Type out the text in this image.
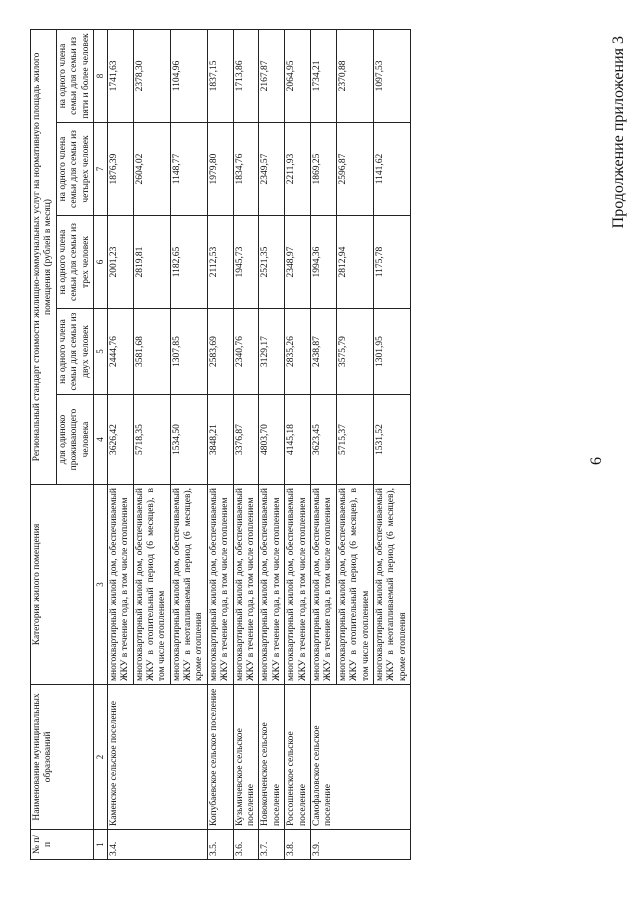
6
Продолжение приложения 3
№ п/п	Наименование муниципальных образований	Категория жилого помещения	Региональный стандарт стоимости жилищно-коммунальных услуг на нормативную площадь жилого помещения (рублей в месяц)				
			для одиноко проживающего человека	на одного члена семьи для семьи из двух человек	на одного члена семьи для семьи из трех человек	на одного члена семьи для семьи из четырех человек	на одного члена семьи для семьи из пяти и более человек
1	2	3	4	5	6	7	8
3.4.	Каменское сельское поселение	многоквартирный жилой дом, обеспечиваемый ЖКУ в течение года, в том числе отоплением	3626,42	2444,76	2001,23	1876,39	1741,63
		многоквартирный жилой дом, обеспечиваемый ЖКУ в отопительный период (6 месяцев), в том числе отоплением	5718,35	3581,68	2819,81	2604,02	2378,30
		многоквартирный жилой дом, обеспечиваемый ЖКУ в неотапливаемый период (6 месяцев), кроме отопления	1534,50	1307,85	1182,65	1148,77	1104,96
3.5.	Копубаевское сельское поселение	многоквартирный жилой дом, обеспечиваемый ЖКУ в течение года, в том числе отоплением	3848,21	2583,69	2112,53	1979,80	1837,15
3.6.	Кузьмичевское сельское поселение	многоквартирный жилой дом, обеспечиваемый ЖКУ в течение года, в том числе отоплением	3376,87	2340,76	1945,73	1834,76	1713,86
3.7.	Новоконченское сельское поселение	многоквартирный жилой дом, обеспечиваемый ЖКУ в течение года, в том числе отоплением	4803,70	3129,17	2521,35	2349,57	2167,87
3.8.	Россошенское сельское поселение	многоквартирный жилой дом, обеспечиваемый ЖКУ в течение года, в том числе отоплением	4145,18	2835,26	2348,97	2211,93	2064,95
3.9.	Самофаловское сельское поселение	многоквартирный жилой дом, обеспечиваемый ЖКУ в течение года, в том числе отоплением	3623,45	2438,87	1994,36	1869,25	1734,21
		многоквартирный жилой дом, обеспечиваемый ЖКУ в отопительный период (6 месяцев), в том числе отоплением	5715,37	3575,79	2812,94	2596,87	2370,88
		многоквартирный жилой дом, обеспечиваемый ЖКУ в неотапливаемый период (6 месяцев), кроме отопления	1531,52	1301,95	1175,78	1141,62	1097,53
